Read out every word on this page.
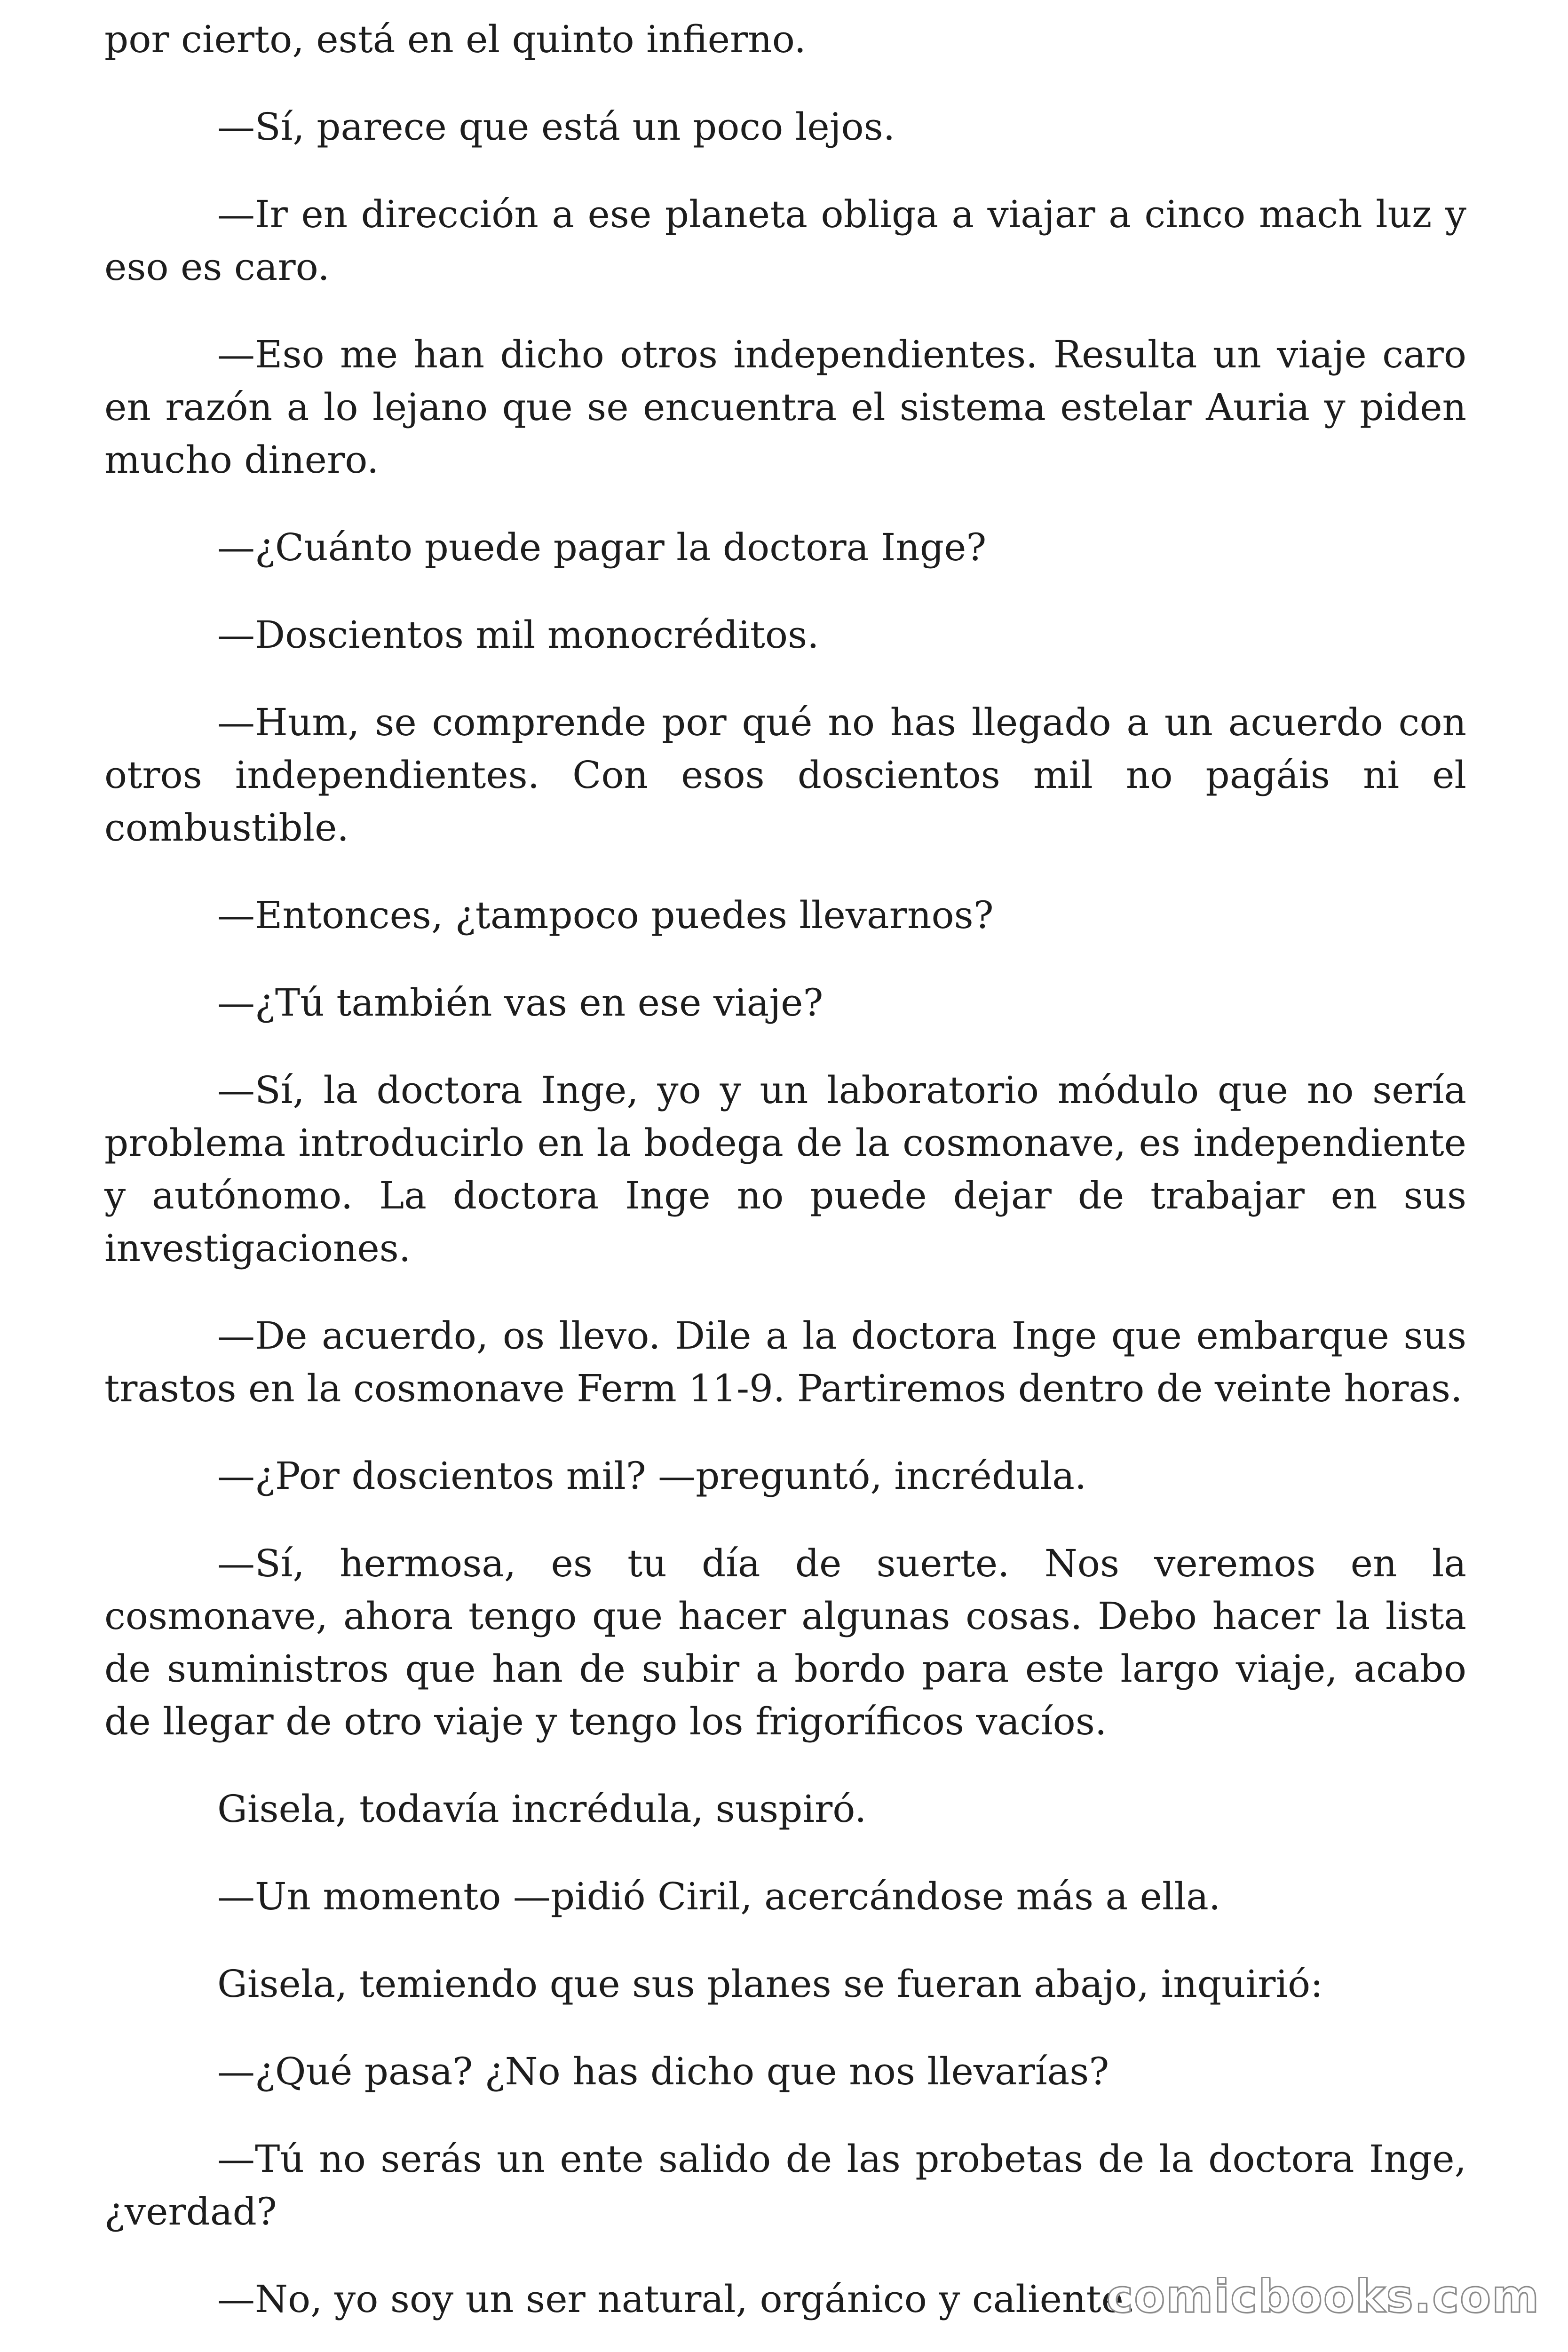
por cierto, está en el quinto infierno.

—Sí, parece que está un poco lejos.

—Ir en dirección a ese planeta obliga a viajar a cinco mach luz y eso es caro.

—Eso me han dicho otros independientes. Resulta un viaje caro en razón a lo lejano que se encuentra el sistema estelar Auria y piden mucho dinero.

—¿Cuánto puede pagar la doctora Inge?

—Doscientos mil monocréditos.

—Hum, se comprende por qué no has llegado a un acuerdo con otros independientes. Con esos doscientos mil no pagáis ni el combustible.

—Entonces, ¿tampoco puedes llevarnos?

—¿Tú también vas en ese viaje?

—Sí, la doctora Inge, yo y un laboratorio módulo que no sería problema introducirlo en la bodega de la cosmonave, es independiente y autónomo. La doctora Inge no puede dejar de trabajar en sus investigaciones.

—De acuerdo, os llevo. Dile a la doctora Inge que embarque sus trastos en la cosmonave Ferm 11-9. Partiremos dentro de veinte horas.

—¿Por doscientos mil? —preguntó, incrédula.

—Sí, hermosa, es tu día de suerte. Nos veremos en la cosmonave, ahora tengo que hacer algunas cosas. Debo hacer la lista de suministros que han de subir a bordo para este largo viaje, acabo de llegar de otro viaje y tengo los frigoríficos vacíos.

Gisela, todavía incrédula, suspiró.

—Un momento —pidió Ciril, acercándose más a ella.

Gisela, temiendo que sus planes se fueran abajo, inquirió:

—¿Qué pasa? ¿No has dicho que nos llevarías?

—Tú no serás un ente salido de las probetas de la doctora Inge, ¿verdad?

—No, yo soy un ser natural, orgánico y caliente.

comicbooks.com
